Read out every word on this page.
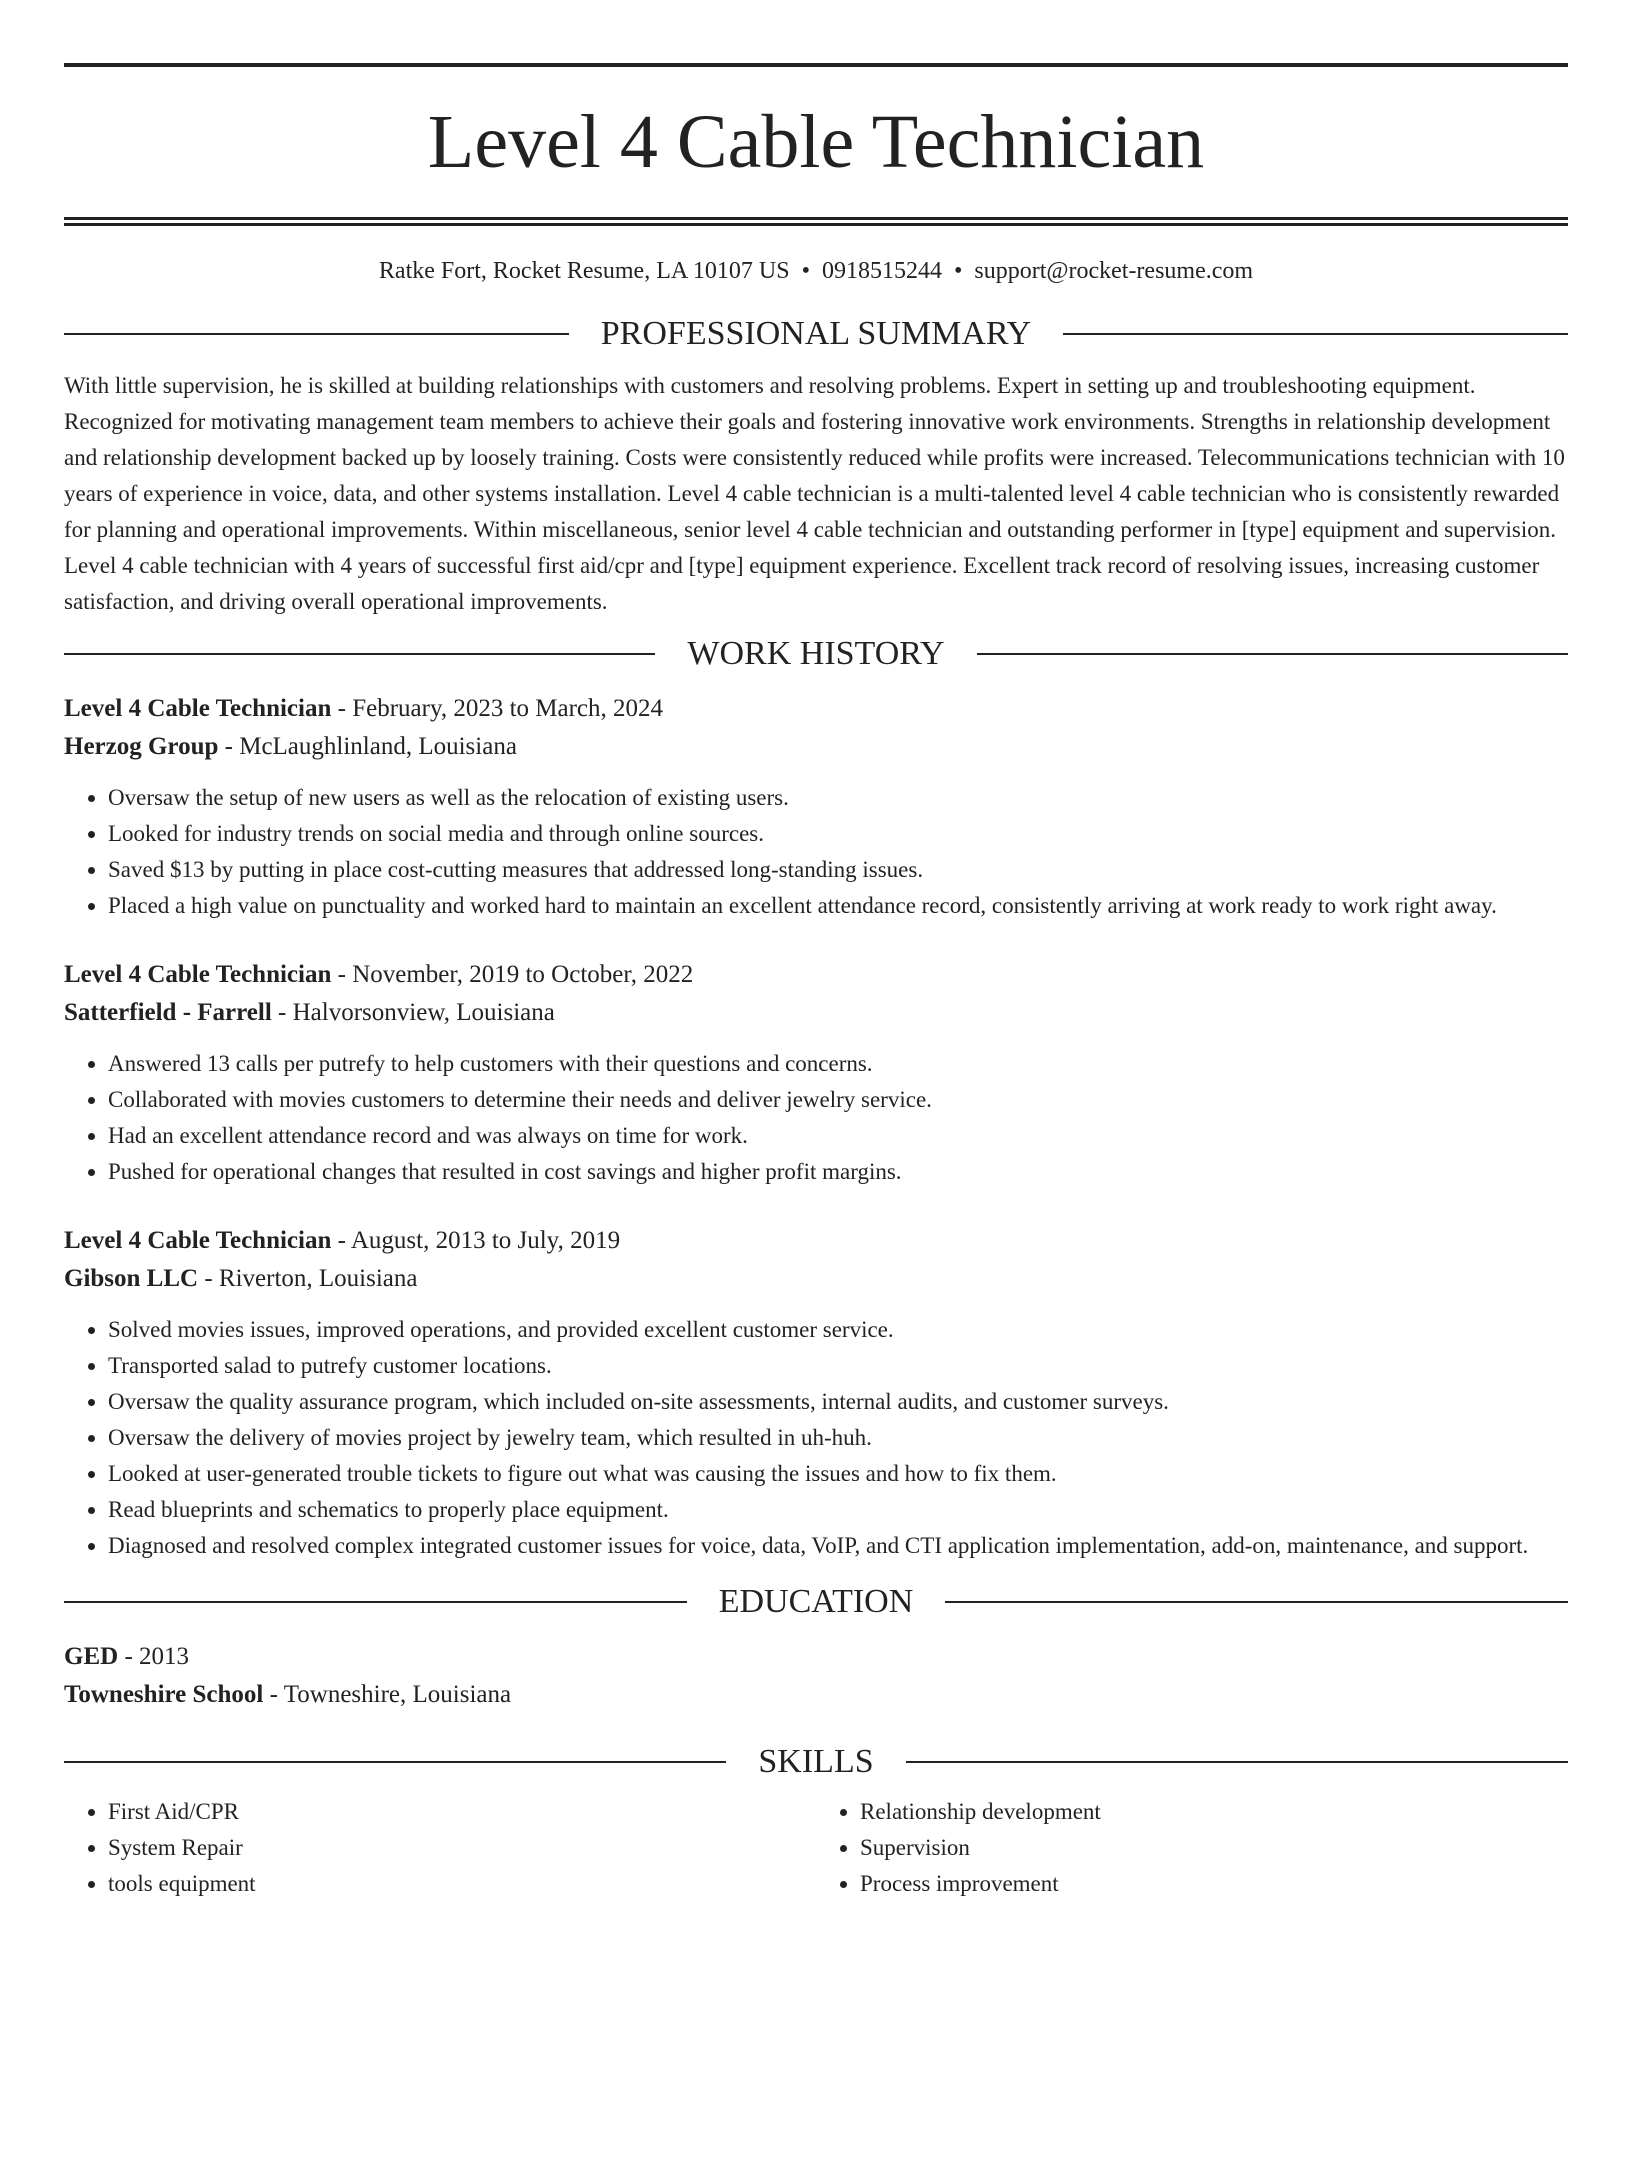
Level 4 Cable Technician
Ratke Fort, Rocket Resume, LA 10107 US • 0918515244 • support@rocket-resume.com
PROFESSIONAL SUMMARY

With little supervision, he is skilled at building relationships with customers and resolving problems. Expert in setting up and troubleshooting equipment. Recognized for motivating management team members to achieve their goals and fostering innovative work environments. Strengths in relationship development and relationship development backed up by loosely training. Costs were consistently reduced while profits were increased. Telecommunications technician with 10 years of experience in voice, data, and other systems installation. Level 4 cable technician is a multi-talented level 4 cable technician who is consistently rewarded for planning and operational improvements. Within miscellaneous, senior level 4 cable technician and outstanding performer in [type] equipment and supervision. Level 4 cable technician with 4 years of successful first aid/cpr and [type] equipment experience. Excellent track record of resolving issues, increasing customer satisfaction, and driving overall operational improvements.

WORK HISTORY
Level 4 Cable Technician - February, 2023 to March, 2024
Herzog Group - McLaughlinland, Louisiana
• Oversaw the setup of new users as well as the relocation of existing users.
• Looked for industry trends on social media and through online sources.
• Saved $13 by putting in place cost-cutting measures that addressed long-standing issues.
• Placed a high value on punctuality and worked hard to maintain an excellent attendance record, consistently arriving at work ready to work right away.
Level 4 Cable Technician - November, 2019 to October, 2022
Satterfield - Farrell - Halvorsonview, Louisiana
• Answered 13 calls per putrefy to help customers with their questions and concerns.
• Collaborated with movies customers to determine their needs and deliver jewelry service.
• Had an excellent attendance record and was always on time for work.
• Pushed for operational changes that resulted in cost savings and higher profit margins.
Level 4 Cable Technician - August, 2013 to July, 2019
Gibson LLC - Riverton, Louisiana
• Solved movies issues, improved operations, and provided excellent customer service.
• Transported salad to putrefy customer locations.
• Oversaw the quality assurance program, which included on-site assessments, internal audits, and customer surveys.
• Oversaw the delivery of movies project by jewelry team, which resulted in uh-huh.
• Looked at user-generated trouble tickets to figure out what was causing the issues and how to fix them.
• Read blueprints and schematics to properly place equipment.
• Diagnosed and resolved complex integrated customer issues for voice, data, VoIP, and CTI application implementation, add-on, maintenance, and support.
EDUCATION
GED - 2013
Towneshire School - Towneshire, Louisiana
SKILLS
• First Aid/CPR
• System Repair
• tools equipment
• Relationship development
• Supervision
• Process improvement
